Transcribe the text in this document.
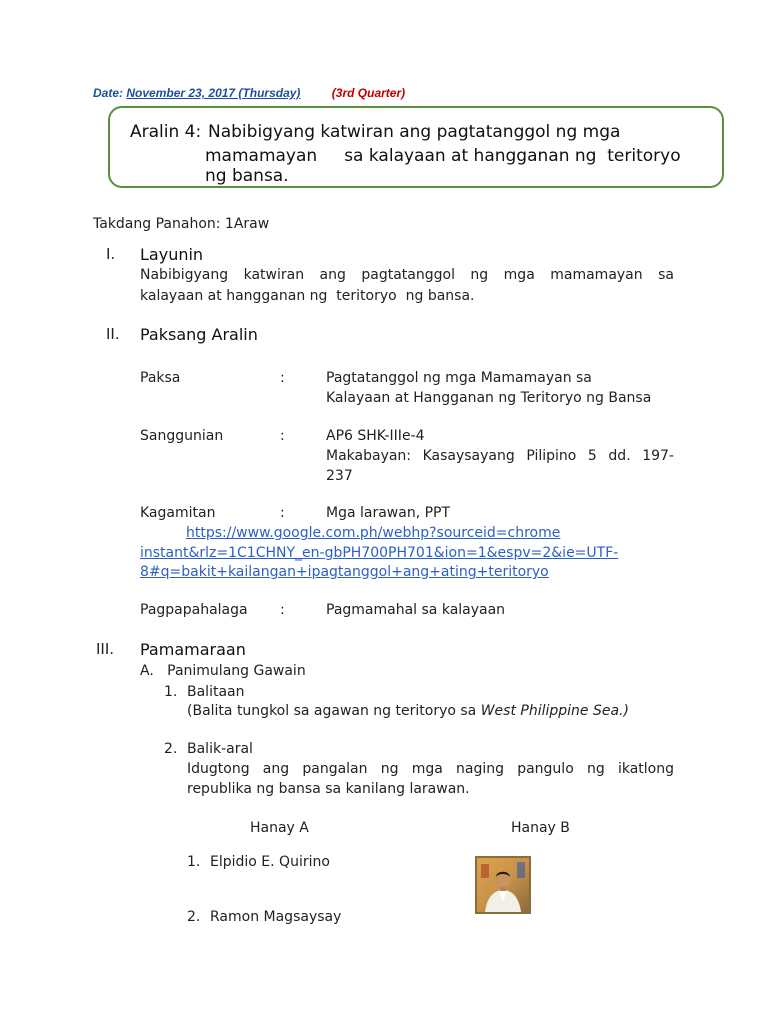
Date: November 23, 2017 (Thursday)	(3rd Quarter)
Aralin 4: Nabibigyang katwiran ang pagtatanggol ng mga
mamamayan     sa kalayaan at hangganan ng  teritoryo
ng bansa.
Takdang Panahon: 1Araw
I. Layunin
Nabibigyang katwiran ang pagtatanggol ng mga mamamayan sa
kalayaan at hangganan ng  teritoryo  ng bansa.
II. Paksang Aralin
Paksa	:	Pagtatanggol ng mga Mamamayan sa
Kalayaan at Hangganan ng Teritoryo ng Bansa
Sanggunian	:	AP6 SHK-IIIe-4
Makabayan: Kasaysayang Pilipino 5 dd. 197-
237
Kagamitan	:	Mga larawan, PPT
https://www.google.com.ph/webhp?sourceid=chrome
instant&rlz=1C1CHNY_en-gbPH700PH701&ion=1&espv=2&ie=UTF-
8#q=bakit+kailangan+ipagtanggol+ang+ating+teritoryo
Pagpapahalaga :	Pagmamahal sa kalayaan
III. Pamamaraan
A.   Panimulang Gawain
1. Balitaan
(Balita tungkol sa agawan ng teritoryo sa West Philippine Sea.)
2. Balik-aral
Idugtong ang pangalan ng mga naging pangulo ng ikatlong
republika ng bansa sa kanilang larawan.
Hanay A	Hanay B
1. Elpidio E. Quirino
2. Ramon Magsaysay
